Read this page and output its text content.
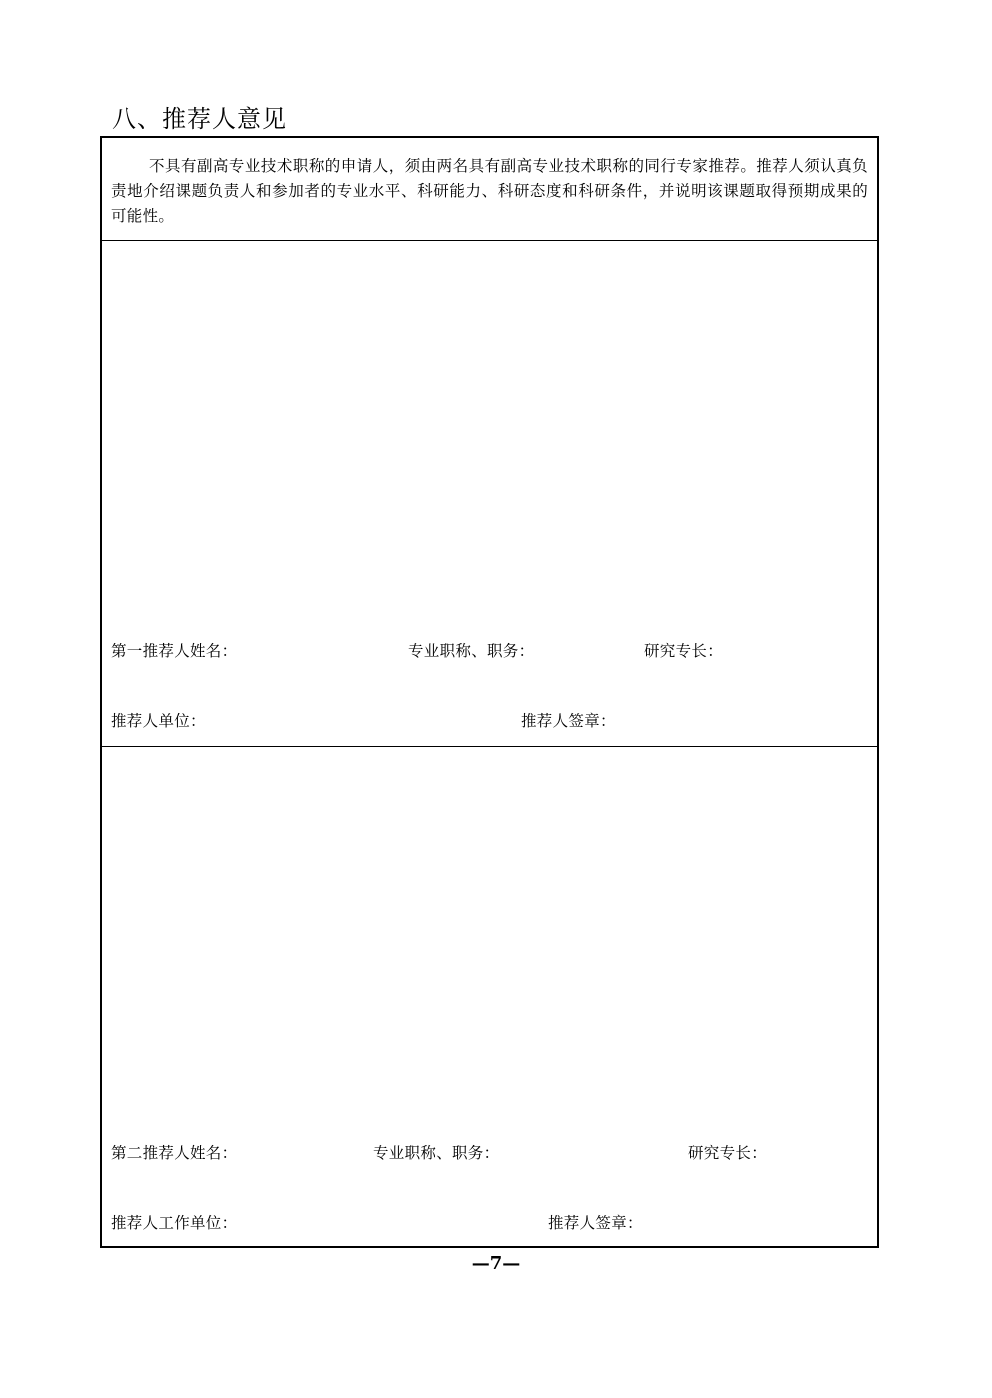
八、推荐人意见

不具有副高专业技术职称的申请人，须由两名具有副高专业技术职称的同行专家推荐。推荐人须认真负责地介绍课题负责人和参加者的专业水平、科研能力、科研态度和科研条件，并说明该课题取得预期成果的可能性。

第一推荐人姓名：	专业职称、职务：	研究专长：
推荐人单位：	推荐人签章：
第二推荐人姓名：	专业职称、职务：	研究专长：
推荐人工作单位：	推荐人签章：
—7—
